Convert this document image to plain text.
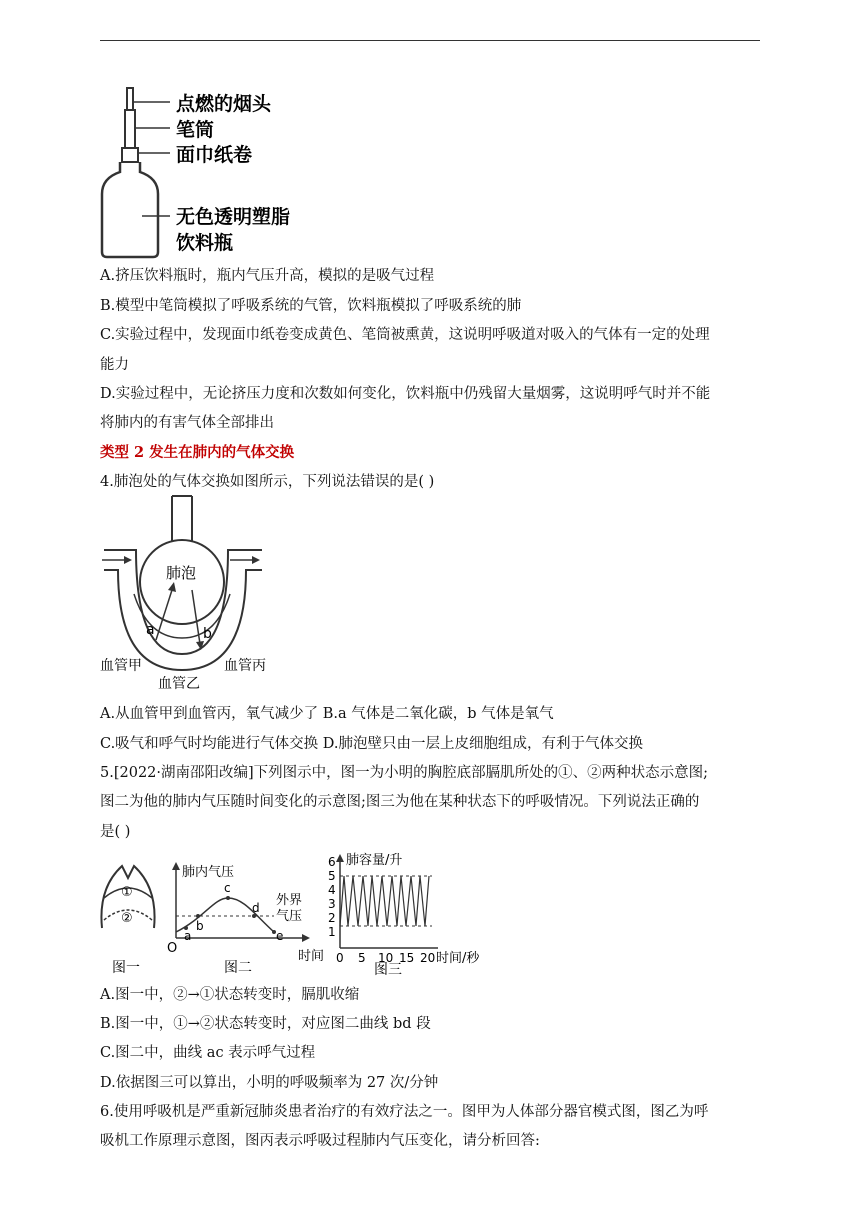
点燃的烟头
笔筒
面巾纸卷
无色透明塑脂
饮料瓶
A.挤压饮料瓶时，瓶内气压升高，模拟的是吸气过程
B.模型中笔筒模拟了呼吸系统的气管，饮料瓶模拟了呼吸系统的肺
C.实验过程中，发现面巾纸卷变成黄色、笔筒被熏黄，这说明呼吸道对吸入的气体有一定的处理
能力
D.实验过程中，无论挤压力度和次数如何变化，饮料瓶中仍残留大量烟雾，这说明呼气时并不能
将肺内的有害气体全部排出
类型 2 发生在肺内的气体交换
4.肺泡处的气体交换如图所示，下列说法错误的是( )
肺泡
a	b
血管甲
血管乙
血管丙
A.从血管甲到血管丙，氧气减少了 B.a 气体是二氧化碳，b 气体是氧气
C.吸气和呼气时均能进行气体交换 D.肺泡壁只由一层上皮细胞组成，有利于气体交换
5.[2022·湖南邵阳改编]下列图示中，图一为小明的胸腔底部膈肌所处的①、②两种状态示意图;
图二为他的肺内气压随时间变化的示意图;图三为他在某种状态下的呼吸情况。下列说法正确的
是( )
①
②
图一
肺内气压
O
a
b
c
d
e
外界
气压
时间
图二
6
5
4
3
2
1
0 5 10 15 20
肺容量/升
时间/秒
图三
A.图一中，②→①状态转变时，膈肌收缩
B.图一中，①→②状态转变时，对应图二曲线 bd 段
C.图二中，曲线 ac 表示呼气过程
D.依据图三可以算出，小明的呼吸频率为 27 次/分钟
6.使用呼吸机是严重新冠肺炎患者治疗的有效疗法之一。图甲为人体部分器官模式图，图乙为呼
吸机工作原理示意图，图丙表示呼吸过程肺内气压变化，请分析回答:
